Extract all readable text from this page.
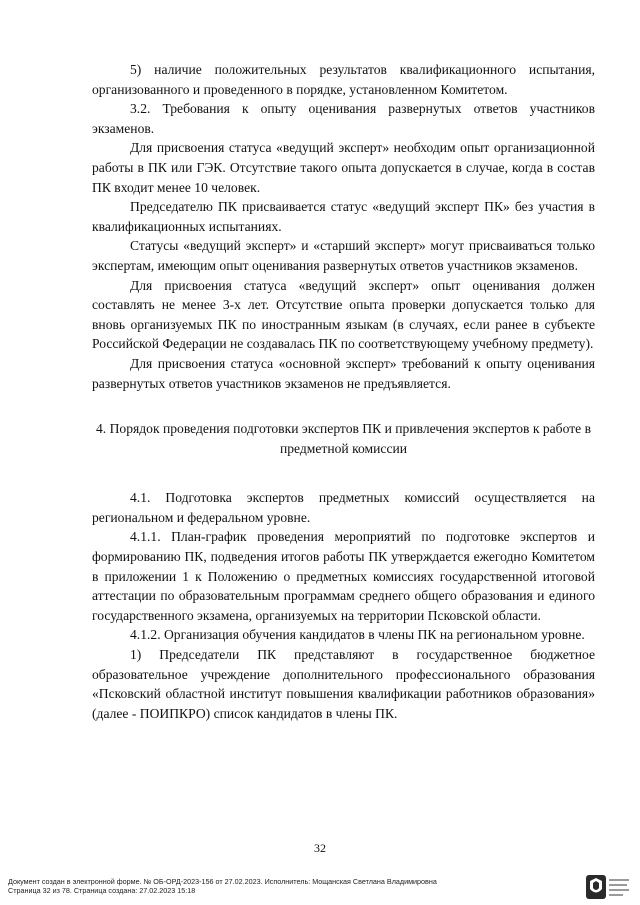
5) наличие положительных результатов квалификационного испытания, организованного и проведенного в порядке, установленном Комитетом.

3.2. Требования к опыту оценивания развернутых ответов участников экзаменов.

Для присвоения статуса «ведущий эксперт» необходим опыт организационной работы в ПК или ГЭК. Отсутствие такого опыта допускается в случае, когда в состав ПК входит менее 10 человек.

Председателю ПК присваивается статус «ведущий эксперт ПК» без участия в квалификационных испытаниях.

Статусы «ведущий эксперт» и «старший эксперт» могут присваиваться только экспертам, имеющим опыт оценивания развернутых ответов участников экзаменов.

Для присвоения статуса «ведущий эксперт» опыт оценивания должен составлять не менее 3-х лет. Отсутствие опыта проверки допускается только для вновь организуемых ПК по иностранным языкам (в случаях, если ранее в субъекте Российской Федерации не создавалась ПК по соответствующему учебному предмету).

Для присвоения статуса «основной эксперт» требований к опыту оценивания развернутых ответов участников экзаменов не предъявляется.

4. Порядок проведения подготовки экспертов ПК и привлечения экспертов к работе в предметной комиссии

4.1. Подготовка экспертов предметных комиссий осуществляется на региональном и федеральном уровне.

4.1.1. План-график проведения мероприятий по подготовке экспертов и формированию ПК, подведения итогов работы ПК утверждается ежегодно Комитетом в приложении 1 к Положению о предметных комиссиях государственной итоговой аттестации по образовательным программам среднего общего образования и единого государственного экзамена, организуемых на территории Псковской области.

4.1.2. Организация обучения кандидатов в члены ПК на региональном уровне.

1) Председатели ПК представляют в государственное бюджетное образовательное учреждение дополнительного профессионального образования «Псковский областной институт повышения квалификации работников образования» (далее - ПОИПКРО) список кандидатов в члены ПК.

32
Документ создан в электронной форме. № ОБ-ОРД-2023-156 от 27.02.2023. Исполнитель: Мощанская Светлана Владимировна
Страница 32 из 78. Страница создана: 27.02.2023 15:18
